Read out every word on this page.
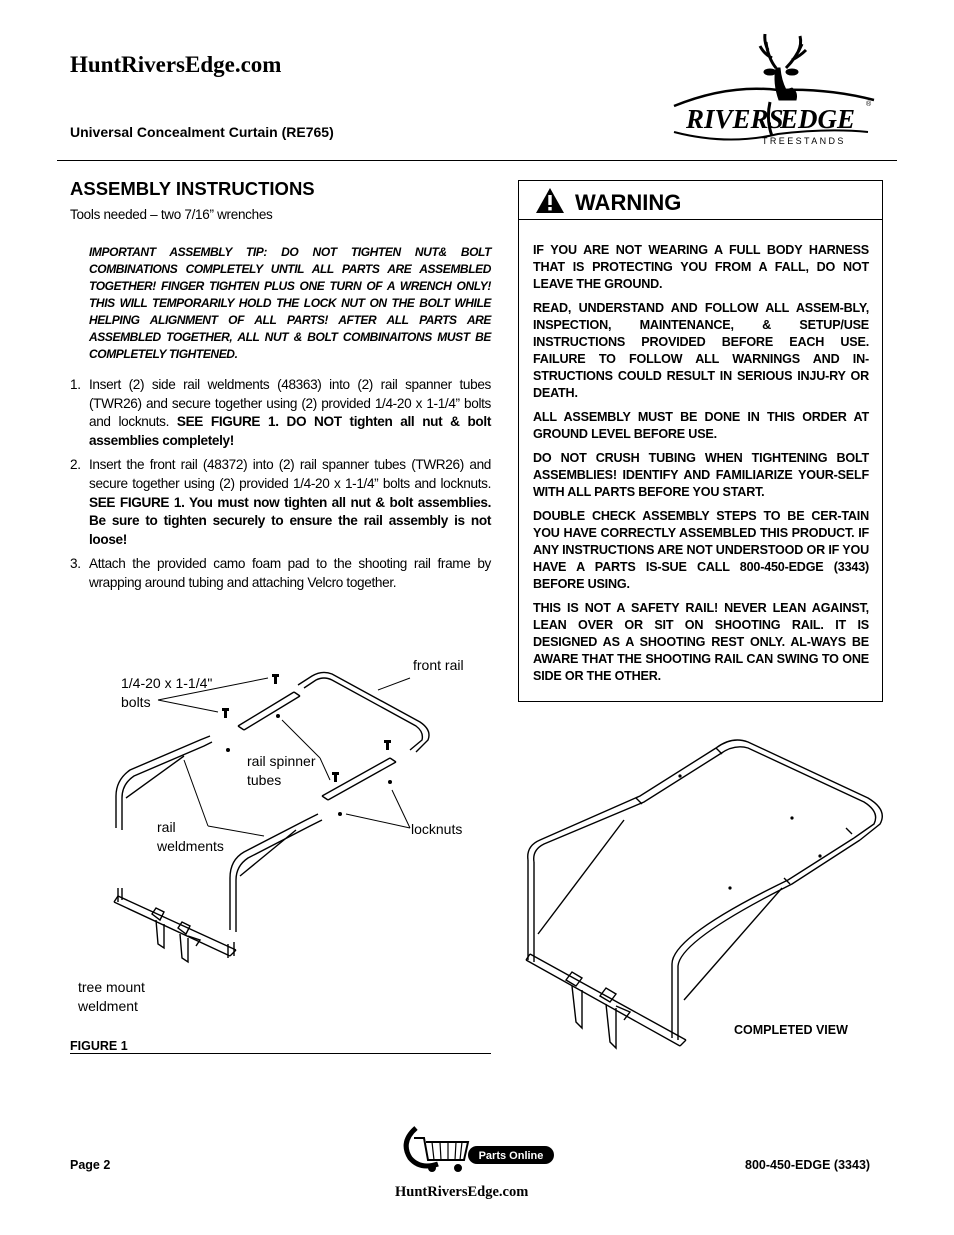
HuntRiversEdge.com
Universal Concealment Curtain (RE765)	RIVERS
EDGE ®
TREESTANDS
ASSEMBLY INSTRUCTIONS
Tools needed – two 7/16” wrenches
IMPORTANT ASSEMBLY TIP: DO NOT TIGHTEN NUT& BOLT COMBINATIONS COMPLETELY UNTIL ALL PARTS ARE ASSEMBLED TOGETHER! FINGER TIGHTEN PLUS ONE TURN OF A WRENCH ONLY! THIS WILL TEMPORARILY HOLD THE LOCK NUT ON THE BOLT WHILE HELPING ALIGNMENT OF ALL PARTS! AFTER ALL PARTS ARE ASSEMBLED TOGETHER, ALL NUT & BOLT COMBINAITONS MUST BE COMPLETELY TIGHTENED.
1. Insert (2) side rail weldments (48363) into (2) rail spanner tubes (TWR26) and secure together using (2) provided 1/4-20 x 1-1/4” bolts and locknuts. SEE FIGURE 1. DO NOT tighten all nut & bolt assemblies completely!
2. Insert the front rail (48372) into (2) rail spanner tubes (TWR26) and secure together using (2) provided 1/4-20 x 1-1/4” bolts and locknuts. SEE FIGURE 1. You must now tighten all nut & bolt assemblies. Be sure to tighten securely to ensure the rail assembly is not loose!
3. Attach the provided camo foam pad to the shooting rail frame by wrapping around tubing and attaching Velcro together.
WARNING

IF YOU ARE NOT WEARING A FULL BODY HARNESS THAT IS PROTECTING YOU FROM A FALL, DO NOT LEAVE THE GROUND.

READ, UNDERSTAND AND FOLLOW ALL ASSEM-BLY, INSPECTION, MAINTENANCE, & SETUP/USE INSTRUCTIONS PROVIDED BEFORE EACH USE. FAILURE TO FOLLOW ALL WARNINGS AND IN-STRUCTIONS COULD RESULT IN SERIOUS INJU-RY OR DEATH.

ALL ASSEMBLY MUST BE DONE IN THIS ORDER AT GROUND LEVEL BEFORE USE.

DO NOT CRUSH TUBING WHEN TIGHTENING BOLT ASSEMBLIES! IDENTIFY AND FAMILIARIZE YOUR-SELF WITH ALL PARTS BEFORE YOU START.

DOUBLE CHECK ASSEMBLY STEPS TO BE CER-TAIN YOU HAVE CORRECTLY ASSEMBLED THIS PRODUCT. IF ANY INSTRUCTIONS ARE NOT UNDERSTOOD OR IF YOU HAVE A PARTS IS-SUE CALL 800-450-EDGE (3343) BEFORE USING.

THIS IS NOT A SAFETY RAIL! NEVER LEAN AGAINST, LEAN OVER OR SIT ON SHOOTING RAIL. IT IS DESIGNED AS A SHOOTING REST ONLY. AL-WAYS BE AWARE THAT THE SHOOTING RAIL CAN SWING TO ONE SIDE OR THE OTHER.

1/4-20 x 1-1/4"
bolts
front rail
rail spinner
tubes
rail
weldments
locknuts
tree mount
weldment
FIGURE 1
COMPLETED VIEW
Page 2	800-450-EDGE (3343)
Parts Online
HuntRiversEdge.com
